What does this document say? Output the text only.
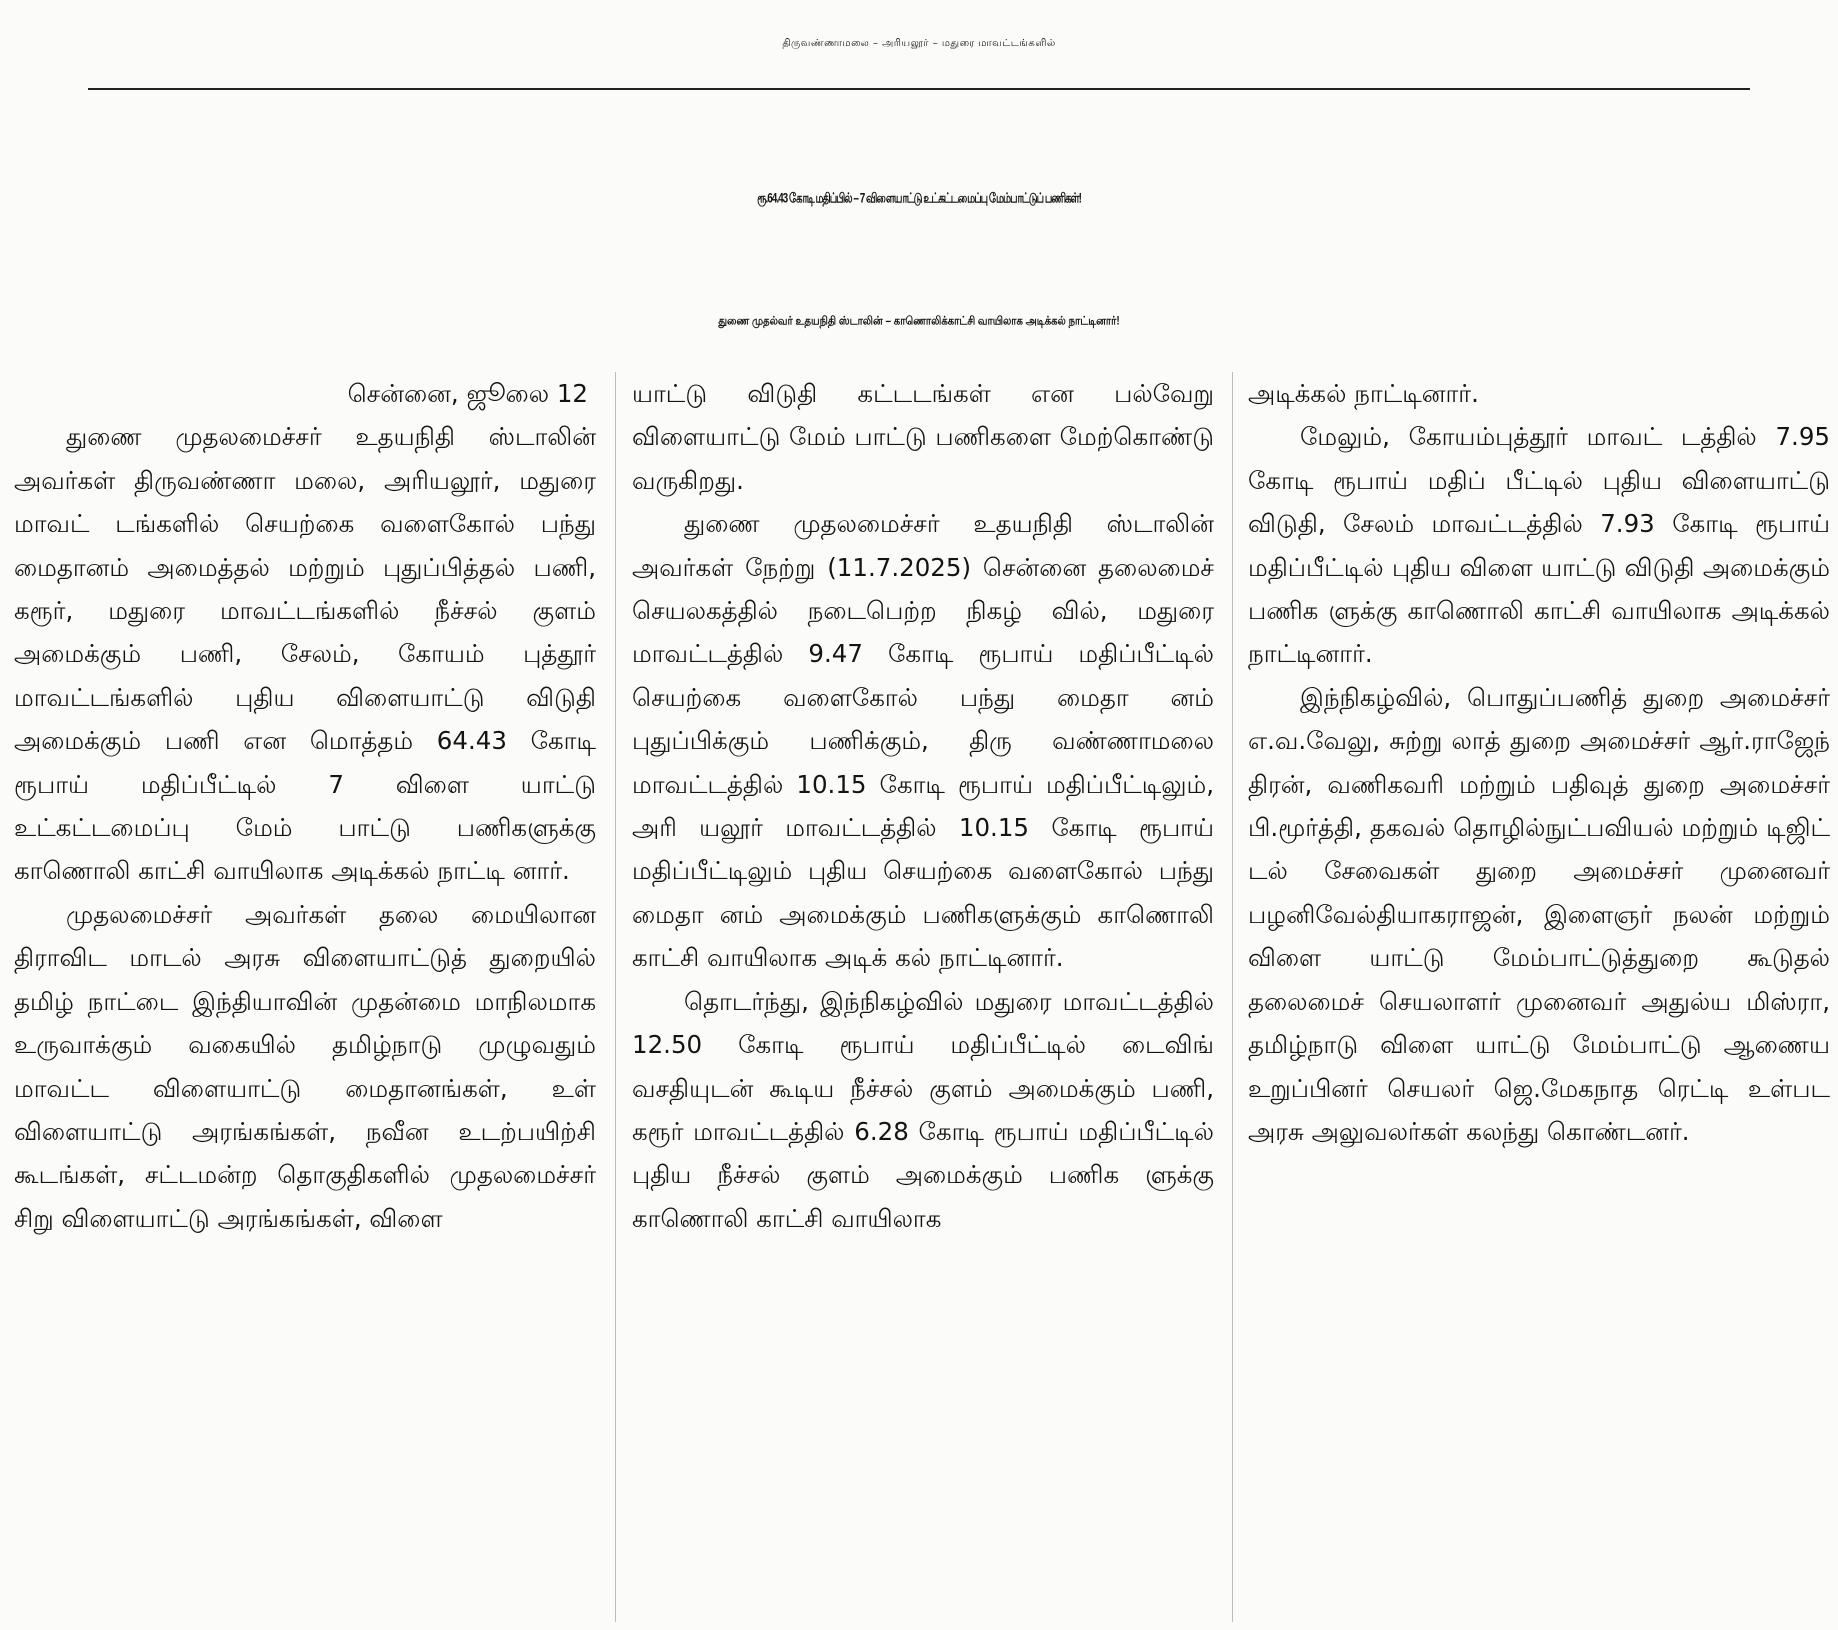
திருவண்ணாமலை – அரியலூர் – மதுரை மாவட்டங்களில்
ரூ.64.43 கோடி மதிப்பில் – 7 விளையாட்டு உட்கட்டமைப்பு மேம்பாட்டுப் பணிகள்!
துணை முதல்வர் உதயநிதி ஸ்டாலின் – காணொலிக்காட்சி வாயிலாக அடிக்கல் நாட்டினார்!

சென்னை, ஜூலை 12

துணை முதலமைச்சர் உதயநிதி ஸ்டாலின் அவர்கள் திருவண்ணா மலை, அரியலூர், மதுரை மாவட் டங்களில் செயற்கை வளைகோல் பந்து மைதானம் அமைத்தல் மற்றும் புதுப்பித்தல் பணி, கரூர், மதுரை மாவட்டங்களில் நீச்சல் குளம் அமைக்கும் பணி, சேலம், கோயம் புத்தூர் மாவட்டங்களில் புதிய விளையாட்டு விடுதி அமைக்கும் பணி என மொத்தம் 64.43 கோடி ரூபாய் மதிப்பீட்டில் 7 விளை யாட்டு உட்கட்டமைப்பு மேம் பாட்டு பணிகளுக்கு காணொலி காட்சி வாயிலாக அடிக்கல் நாட்டி னார்.

முதலமைச்சர் அவர்கள் தலை மையிலான திராவிட மாடல் அரசு விளையாட்டுத் துறையில் தமிழ் நாட்டை இந்தியாவின் முதன்மை மாநிலமாக உருவாக்கும் வகையில் தமிழ்நாடு முழுவதும் மாவட்ட விளையாட்டு மைதானங்கள், உள் விளையாட்டு அரங்கங்கள், நவீன உடற்பயிற்சி கூடங்கள், சட்டமன்ற தொகுதிகளில் முதலமைச்சர் சிறு விளையாட்டு அரங்கங்கள், விளை

யாட்டு விடுதி கட்டடங்கள் என பல்வேறு விளையாட்டு மேம் பாட்டு பணிகளை மேற்கொண்டு வருகிறது.

துணை முதலமைச்சர் உதயநிதி ஸ்டாலின் அவர்கள் நேற்று (11.7.2025) சென்னை தலைமைச் செயலகத்தில் நடைபெற்ற நிகழ் வில், மதுரை மாவட்டத்தில் 9.47 கோடி ரூபாய் மதிப்பீட்டில் செயற்கை வளைகோல் பந்து மைதா னம் புதுப்பிக்கும் பணிக்கும், திரு வண்ணாமலை மாவட்டத்தில் 10.15 கோடி ரூபாய் மதிப்பீட்டிலும், அரி யலூர் மாவட்டத்தில் 10.15 கோடி ரூபாய் மதிப்பீட்டிலும் புதிய செயற்கை வளைகோல் பந்து மைதா னம் அமைக்கும் பணிகளுக்கும் காணொலி காட்சி வாயிலாக அடிக் கல் நாட்டினார்.

தொடர்ந்து, இந்நிகழ்வில் மதுரை மாவட்டத்தில் 12.50 கோடி ரூபாய் மதிப்பீட்டில் டைவிங் வசதியுடன் கூடிய நீச்சல் குளம் அமைக்கும் பணி, கரூர் மாவட்டத்தில் 6.28 கோடி ரூபாய் மதிப்பீட்டில் புதிய நீச்சல் குளம் அமைக்கும் பணிக ளுக்கு காணொலி காட்சி வாயிலாக

அடிக்கல் நாட்டினார்.

மேலும், கோயம்புத்தூர் மாவட் டத்தில் 7.95 கோடி ரூபாய் மதிப் பீட்டில் புதிய விளையாட்டு விடுதி, சேலம் மாவட்டத்தில் 7.93 கோடி ரூபாய் மதிப்பீட்டில் புதிய விளை யாட்டு விடுதி அமைக்கும் பணிக ளுக்கு காணொலி காட்சி வாயிலாக அடிக்கல் நாட்டினார்.

இந்நிகழ்வில், பொதுப்பணித் துறை அமைச்சர் எ.வ.வேலு, சுற்று லாத் துறை அமைச்சர் ஆர்.ராஜேந் திரன், வணிகவரி மற்றும் பதிவுத் துறை அமைச்சர் பி.மூர்த்தி, தகவல் தொழில்நுட்பவியல் மற்றும் டிஜிட் டல் சேவைகள் துறை அமைச்சர் முனைவர் பழனிவேல்தியாகராஜன், இளைஞர் நலன் மற்றும் விளை யாட்டு மேம்பாட்டுத்துறை கூடுதல் தலைமைச் செயலாளர் முனைவர் அதுல்ய மிஸ்ரா, தமிழ்நாடு விளை யாட்டு மேம்பாட்டு ஆணைய உறுப்பினர் செயலர் ஜெ.மேகநாத ரெட்டி உள்பட அரசு அலுவலர்கள் கலந்து கொண்டனர்.
